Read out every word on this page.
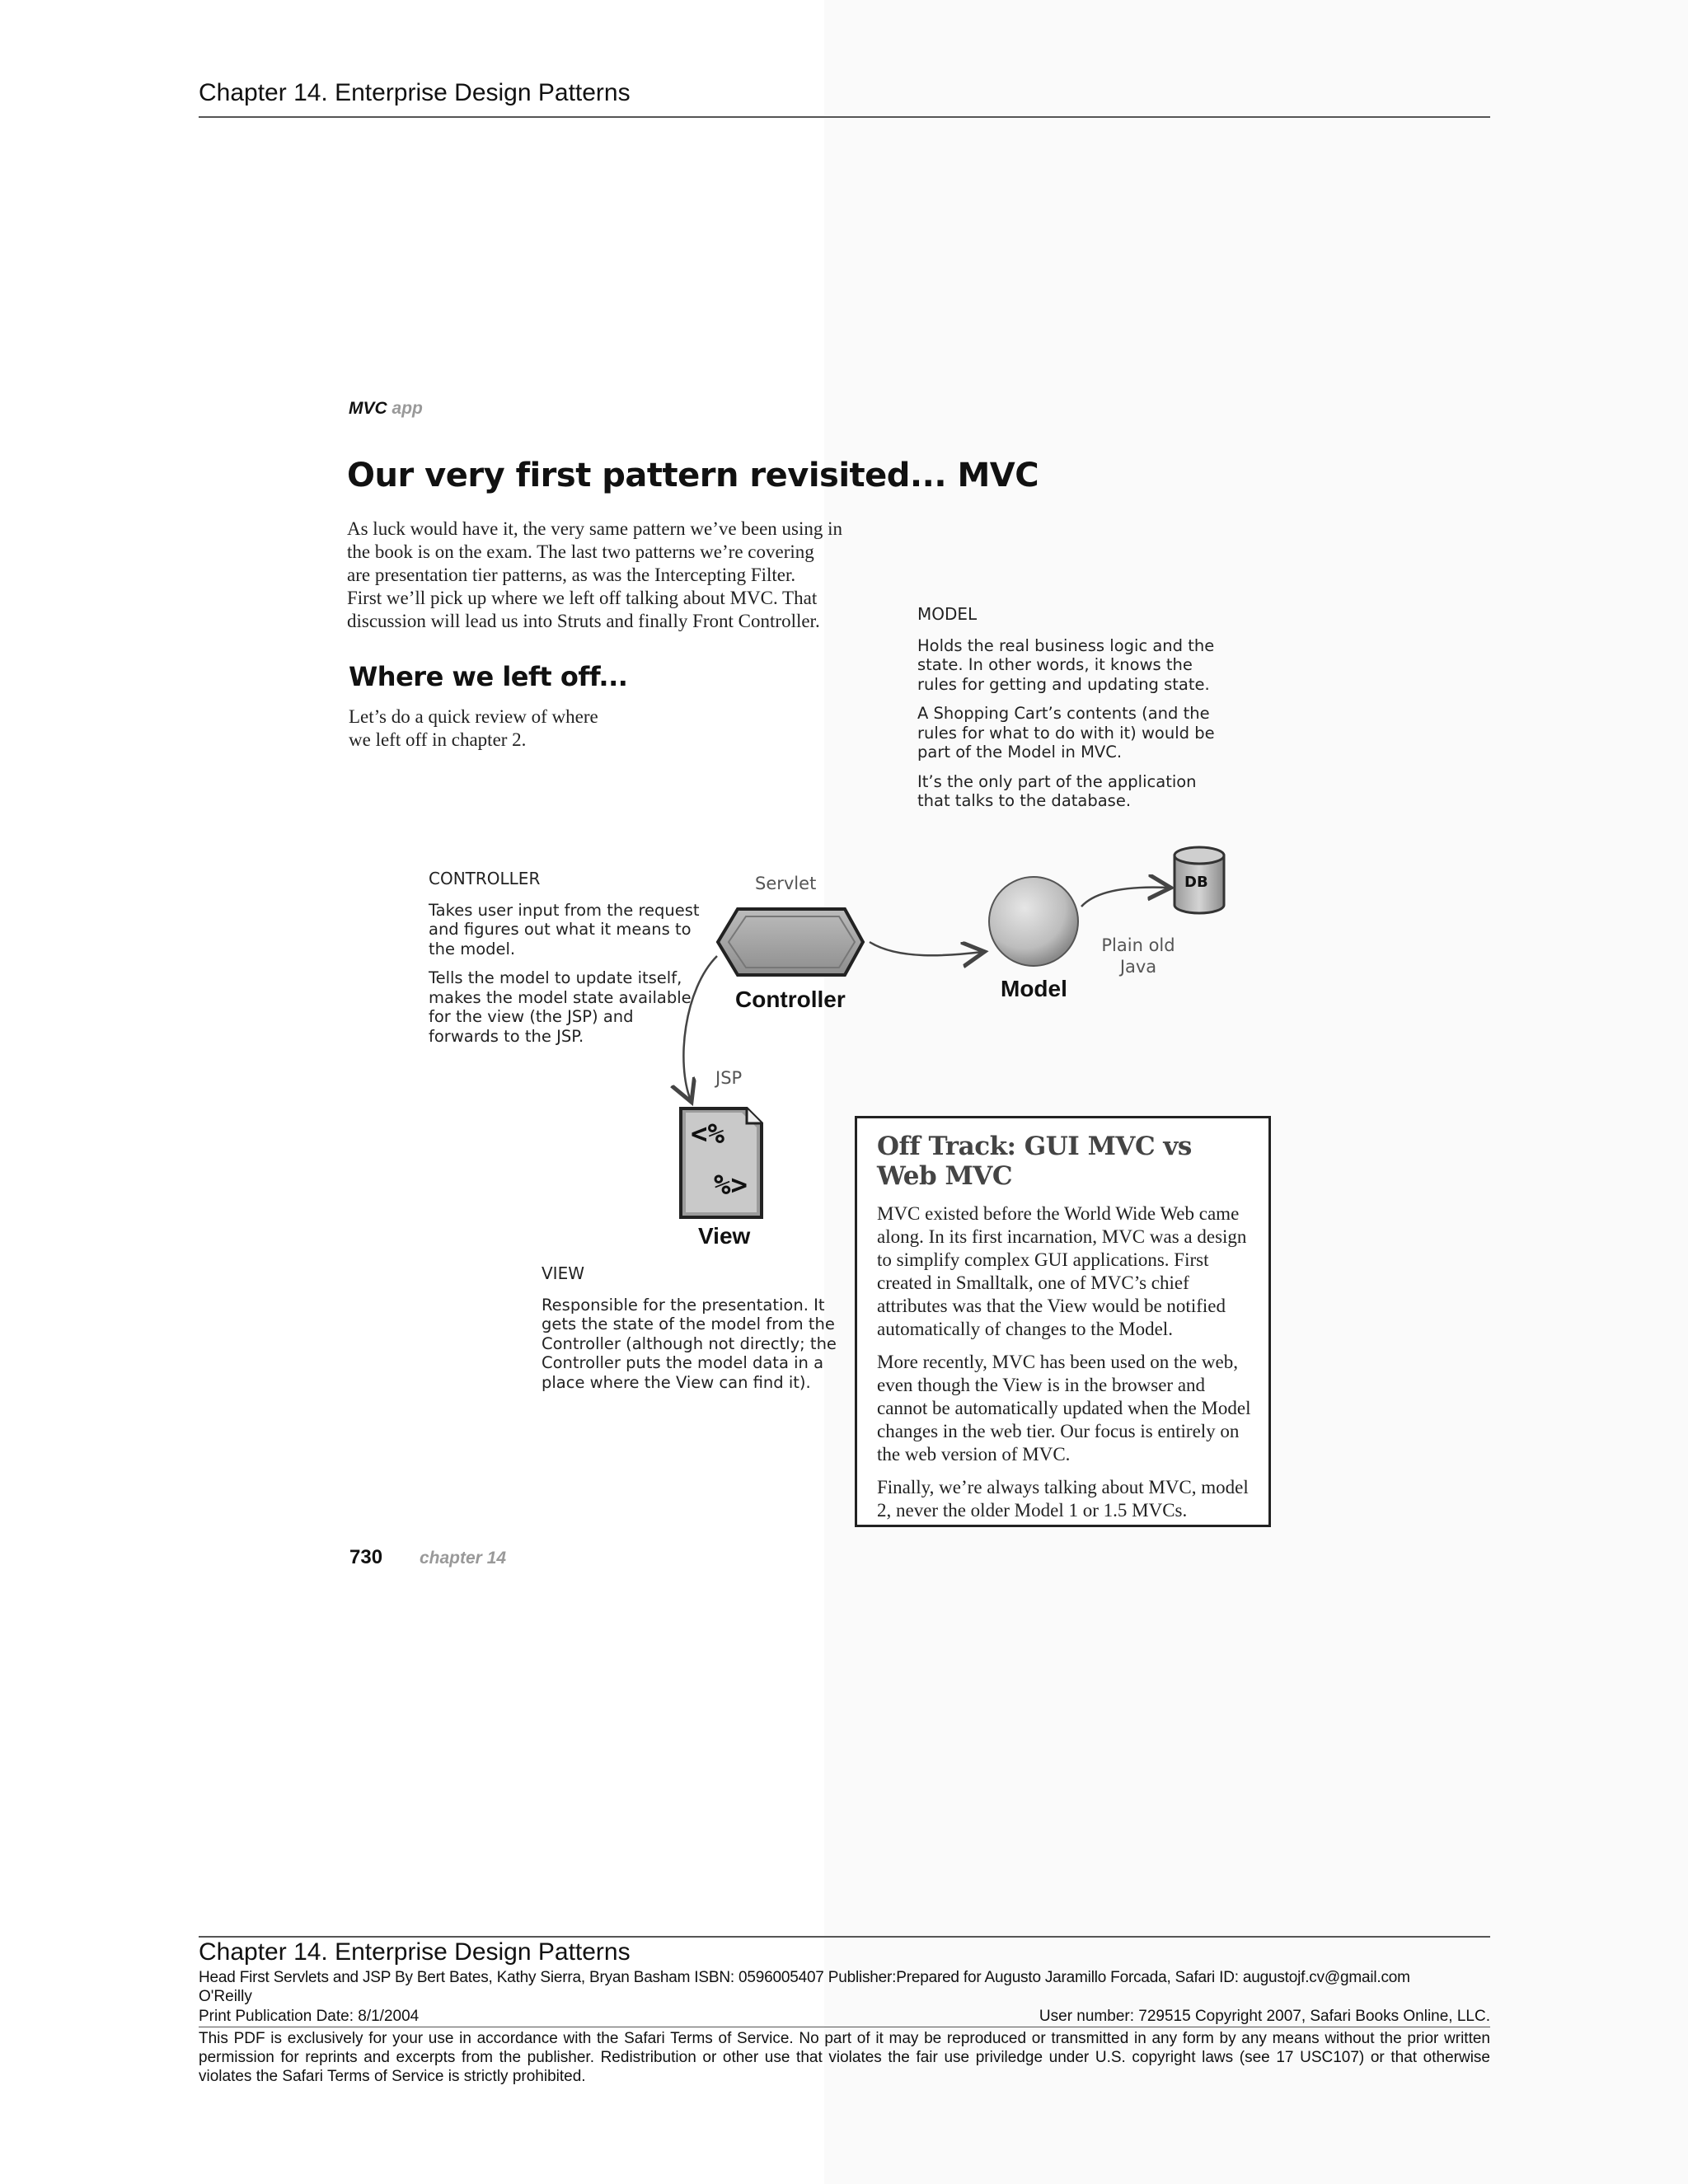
Chapter 14. Enterprise Design Patterns
MVC app
Our very first pattern revisited... MVC
As luck would have it, the very same pattern we’ve been using in
the book is on the exam. The last two patterns we’re covering
are presentation tier patterns, as was the Intercepting Filter.
First we’ll pick up where we left off talking about MVC. That
discussion will lead us into Struts and finally Front Controller.
Where we left off...
Let’s do a quick review of where
we left off in chapter 2.

MODEL

Holds the real business logic and the state. In other words, it knows the rules for getting and updating state.

A Shopping Cart’s contents (and the rules for what to do with it) would be part of the Model in MVC.

It’s the only part of the application that talks to the database.

CONTROLLER

Takes user input from the request and figures out what it means to the model.

Tells the model to update itself, makes the model state available for the view (the JSP) and forwards to the JSP.

Servlet
Controller	Model
Plain old
Java
DB
JSP
<%
%>
View

VIEW

Responsible for the presentation. It gets the state of the model from the Controller (although not directly; the Controller puts the model data in a place where the View can find it).

Off Track: GUI MVC vs Web MVC

MVC existed before the World Wide Web came along. In its first incarnation, MVC was a design to simplify complex GUI applications. First created in Smalltalk, one of MVC’s chief attributes was that the View would be notified automatically of changes to the Model.

More recently, MVC has been used on the web, even though the View is in the browser and cannot be automatically updated when the Model changes in the web tier. Our focus is entirely on the web version of MVC.

Finally, we’re always talking about MVC, model 2, never the older Model 1 or 1.5 MVCs.

730 chapter 14
Chapter 14. Enterprise Design Patterns
Head First Servlets and JSP By Bert Bates, Kathy Sierra, Bryan Basham ISBN: 0596005407 Publisher:Prepared for Augusto Jaramillo Forcada, Safari ID: augustojf.cv@gmail.com
O'Reilly
Print Publication Date: 8/1/2004	User number: 729515 Copyright 2007, Safari Books Online, LLC.
This PDF is exclusively for your use in accordance with the Safari Terms of Service. No part of it may be reproduced or transmitted in any form by any means without the prior written permission for reprints and excerpts from the publisher. Redistribution or other use that violates the fair use priviledge under U.S. copyright laws (see 17 USC107) or that otherwise violates the Safari Terms of Service is strictly prohibited.
